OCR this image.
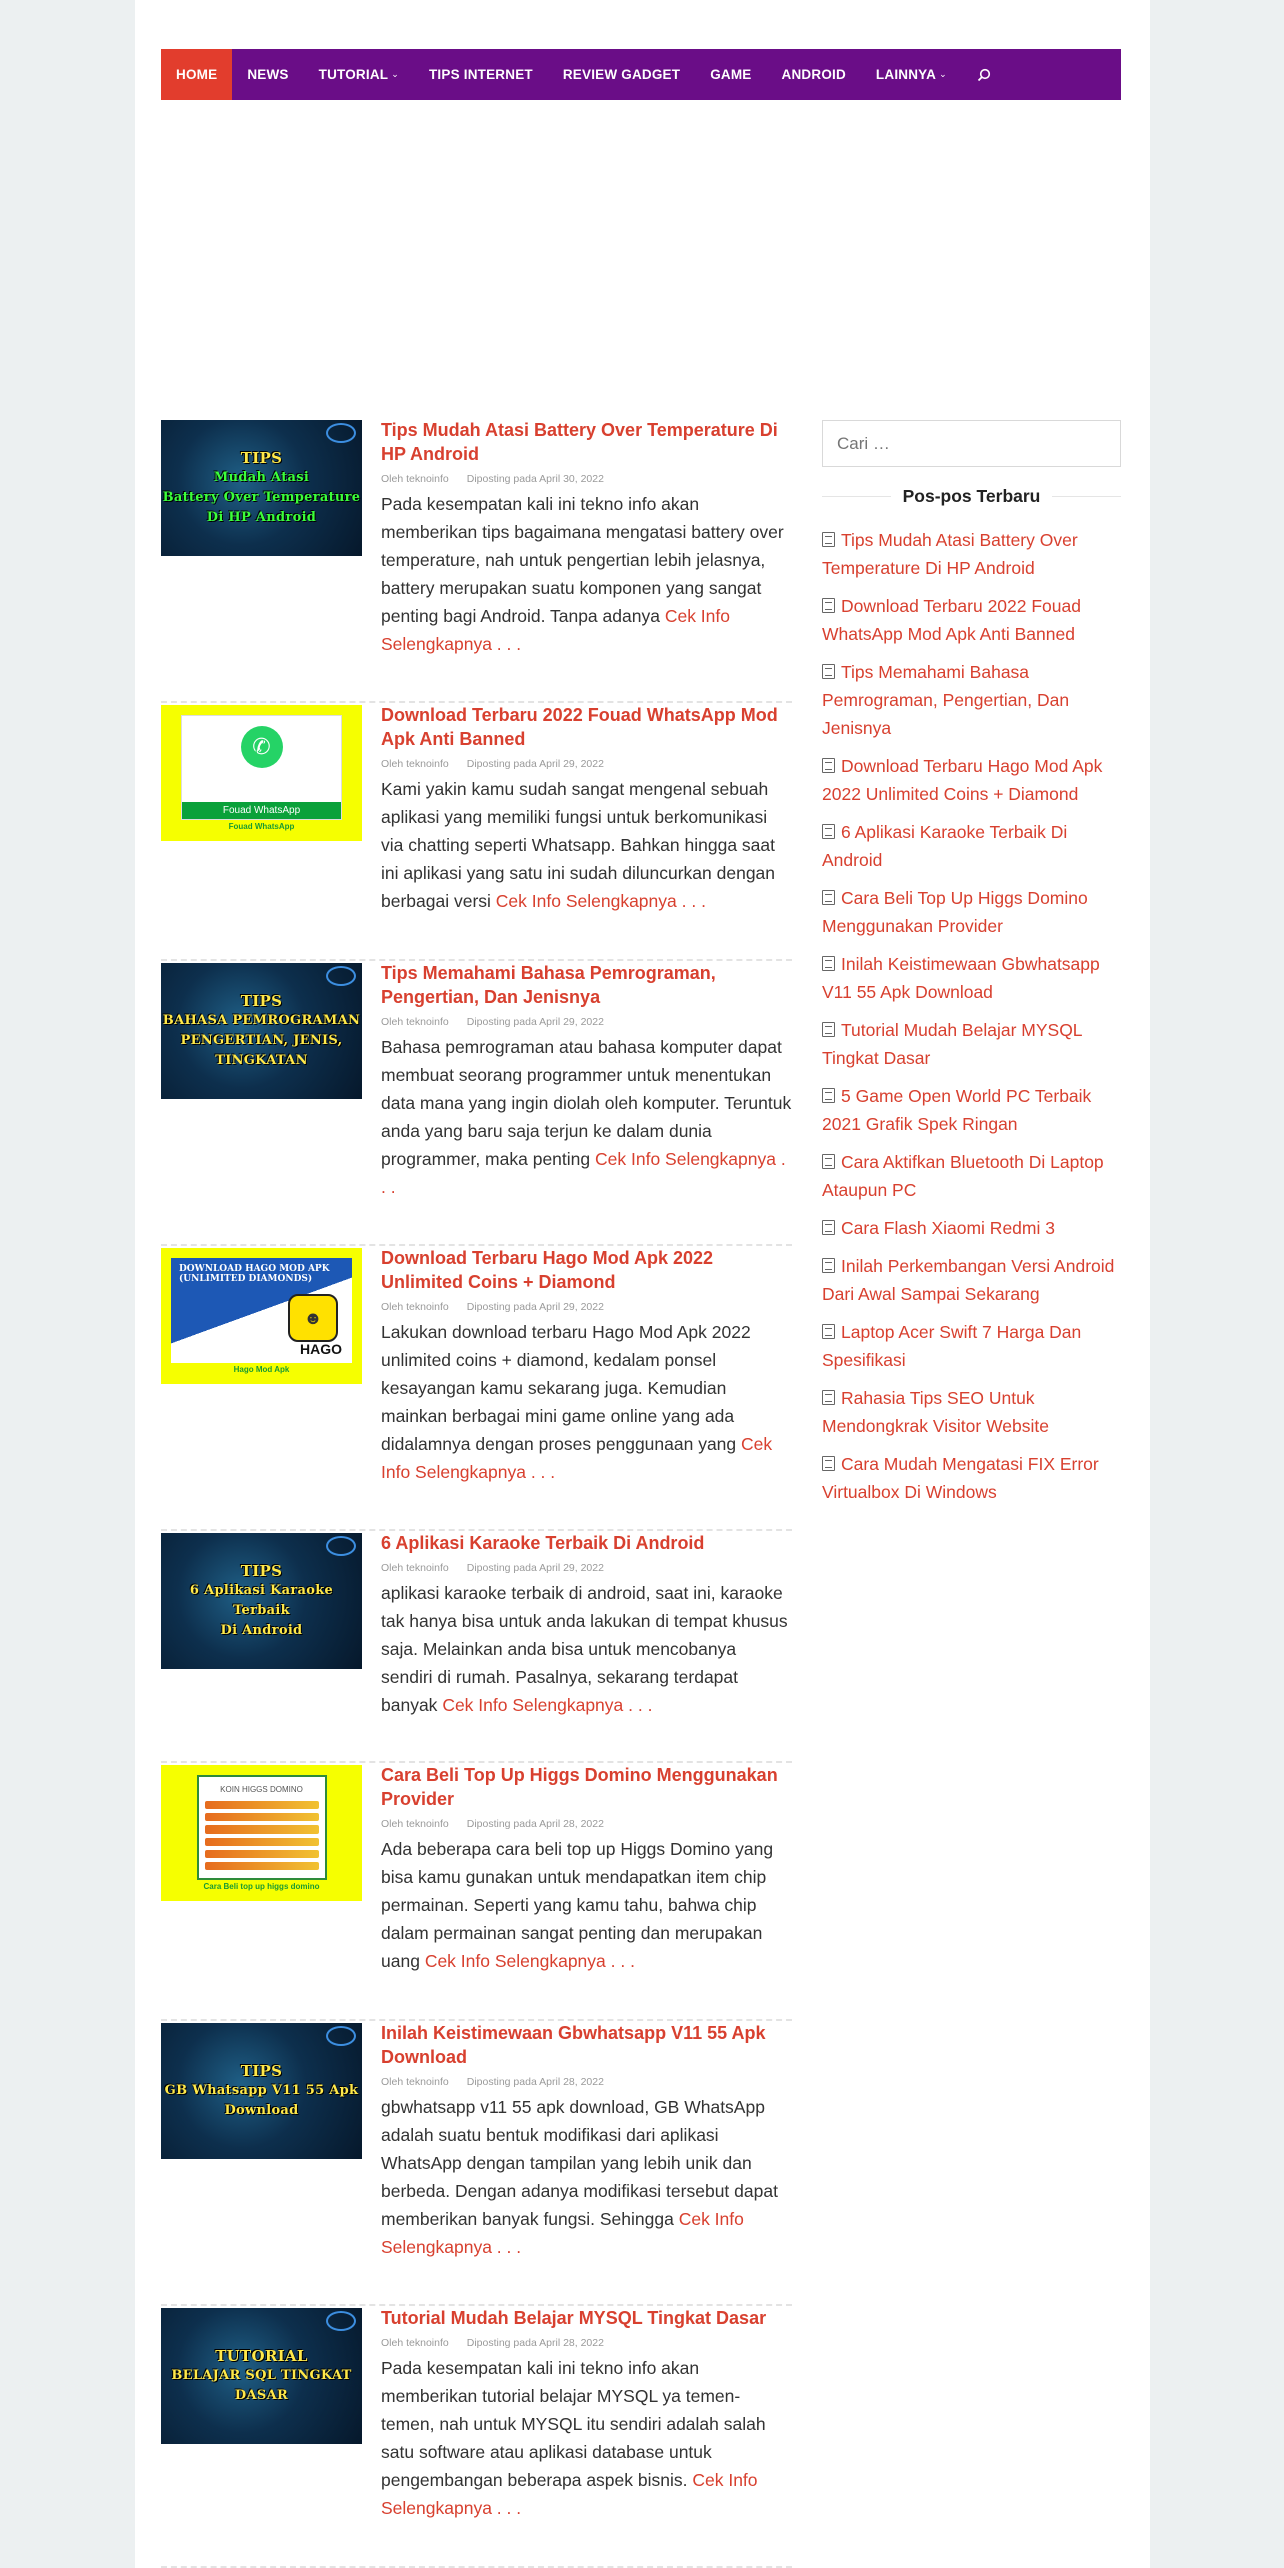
HOME NEWS TUTORIAL ⌄ TIPS INTERNET REVIEW GADGET GAME ANDROID LAINNYA ⌄
TIPS
Mudah Atasi
Battery Over Temperature
Di HP Android
Tips Mudah Atasi Battery Over Temperature Di HP Android
Oleh teknoinfo Diposting pada April 30, 2022

Pada kesempatan kali ini tekno info akan memberikan tips bagaimana mengatasi battery over temperature, nah untuk pengertian lebih jelasnya, battery merupakan suatu komponen yang sangat penting bagi Android. Tanpa adanya Cek Info Selengkapnya . . .

✆
Fouad WhatsApp
Fouad WhatsApp
Download Terbaru 2022 Fouad WhatsApp Mod Apk Anti Banned
Oleh teknoinfo Diposting pada April 29, 2022

Kami yakin kamu sudah sangat mengenal sebuah aplikasi yang memiliki fungsi untuk berkomunikasi via chatting seperti Whatsapp. Bahkan hingga saat ini aplikasi yang satu ini sudah diluncurkan dengan berbagai versi Cek Info Selengkapnya . . .

TIPS
BAHASA PEMROGRAMAN
PENGERTIAN, JENIS, TINGKATAN
Tips Memahami Bahasa Pemrograman, Pengertian, Dan Jenisnya
Oleh teknoinfo Diposting pada April 29, 2022

Bahasa pemrograman atau bahasa komputer dapat membuat seorang programmer untuk menentukan data mana yang ingin diolah oleh komputer. Teruntuk anda yang baru saja terjun ke dalam dunia programmer, maka penting Cek Info Selengkapnya . . .

DOWNLOAD HAGO MOD APK (UNLIMITED DIAMONDS)
☻
HAGO
Hago Mod Apk
Download Terbaru Hago Mod Apk 2022 Unlimited Coins + Diamond
Oleh teknoinfo Diposting pada April 29, 2022

Lakukan download terbaru Hago Mod Apk 2022 unlimited coins + diamond, kedalam ponsel kesayangan kamu sekarang juga. Kemudian mainkan berbagai mini game online yang ada didalamnya dengan proses penggunaan yang Cek Info Selengkapnya . . .

TIPS
6 Aplikasi Karaoke Terbaik
Di Android
6 Aplikasi Karaoke Terbaik Di Android
Oleh teknoinfo Diposting pada April 29, 2022

aplikasi karaoke terbaik di android, saat ini, karaoke tak hanya bisa untuk anda lakukan di tempat khusus saja. Melainkan anda bisa untuk mencobanya sendiri di rumah. Pasalnya, sekarang terdapat banyak Cek Info Selengkapnya . . .

KOIN HIGGS DOMINO
Cara Beli top up higgs domino
Cara Beli Top Up Higgs Domino Menggunakan Provider
Oleh teknoinfo Diposting pada April 28, 2022

Ada beberapa cara beli top up Higgs Domino yang bisa kamu gunakan untuk mendapatkan item chip permainan. Seperti yang kamu tahu, bahwa chip dalam permainan sangat penting dan merupakan uang Cek Info Selengkapnya . . .

TIPS
GB Whatsapp V11 55 Apk Download
Inilah Keistimewaan Gbwhatsapp V11 55 Apk Download
Oleh teknoinfo Diposting pada April 28, 2022

gbwhatsapp v11 55 apk download, GB WhatsApp adalah suatu bentuk modifikasi dari aplikasi WhatsApp dengan tampilan yang lebih unik dan berbeda. Dengan adanya modifikasi tersebut dapat memberikan banyak fungsi. Sehingga Cek Info Selengkapnya . . .

TUTORIAL
BELAJAR SQL TINGKAT DASAR
Tutorial Mudah Belajar MYSQL Tingkat Dasar
Oleh teknoinfo Diposting pada April 28, 2022

Pada kesempatan kali ini tekno info akan memberikan tutorial belajar MYSQL ya temen-temen, nah untuk MYSQL itu sendiri adalah salah satu software atau aplikasi database untuk pengembangan beberapa aspek bisnis. Cek Info Selengkapnya . . .

Cari …
Pos-pos Terbaru
Tips Mudah Atasi Battery Over Temperature Di HP Android
Download Terbaru 2022 Fouad WhatsApp Mod Apk Anti Banned
Tips Memahami Bahasa Pemrograman, Pengertian, Dan Jenisnya
Download Terbaru Hago Mod Apk 2022 Unlimited Coins + Diamond
6 Aplikasi Karaoke Terbaik Di Android
Cara Beli Top Up Higgs Domino Menggunakan Provider
Inilah Keistimewaan Gbwhatsapp V11 55 Apk Download
Tutorial Mudah Belajar MYSQL Tingkat Dasar
5 Game Open World PC Terbaik 2021 Grafik Spek Ringan
Cara Aktifkan Bluetooth Di Laptop Ataupun PC
Cara Flash Xiaomi Redmi 3
Inilah Perkembangan Versi Android Dari Awal Sampai Sekarang
Laptop Acer Swift 7 Harga Dan Spesifikasi
Rahasia Tips SEO Untuk Mendongkrak Visitor Website
Cara Mudah Mengatasi FIX Error Virtualbox Di Windows
